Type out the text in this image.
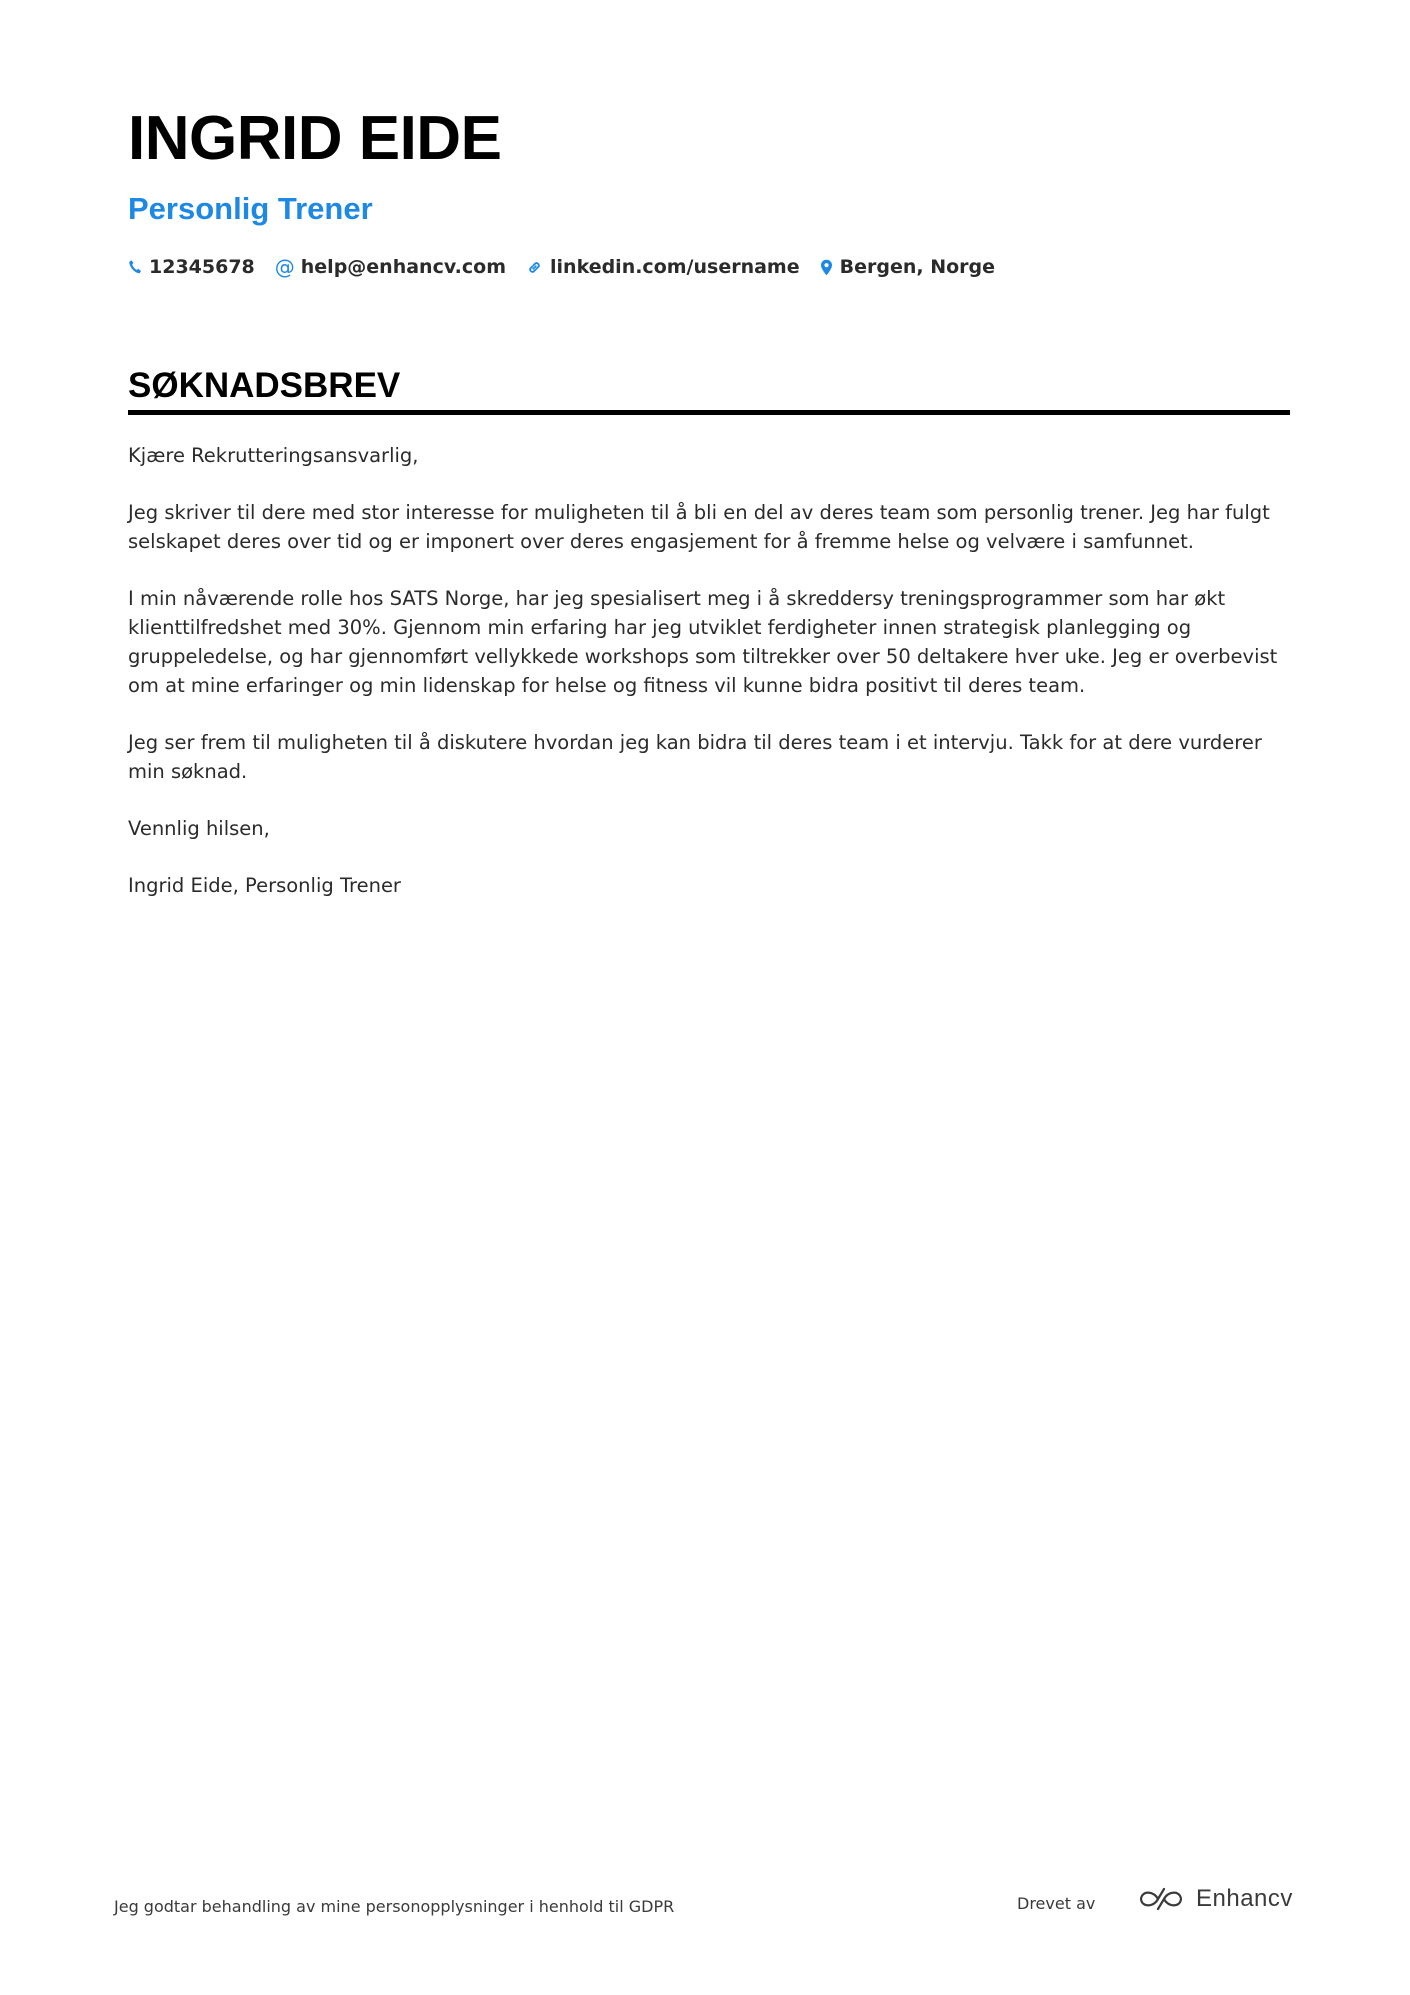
INGRID EIDE
Personlig Trener
12345678 @ help@enhancv.com linkedin.com/username Bergen, Norge
SØKNADSBREV

Kjære Rekrutteringsansvarlig,

Jeg skriver til dere med stor interesse for muligheten til å bli en del av deres team som personlig trener. Jeg har fulgt selskapet deres over tid og er imponert over deres engasjement for å fremme helse og velvære i samfunnet.

I min nåværende rolle hos SATS Norge, har jeg spesialisert meg i å skreddersy treningsprogrammer som har økt klienttilfredshet med 30%. Gjennom min erfaring har jeg utviklet ferdigheter innen strategisk planlegging og gruppeledelse, og har gjennomført vellykkede workshops som tiltrekker over 50 deltakere hver uke. Jeg er overbevist om at mine erfaringer og min lidenskap for helse og fitness vil kunne bidra positivt til deres team.

Jeg ser frem til muligheten til å diskutere hvordan jeg kan bidra til deres team i et intervju. Takk for at dere vurderer min søknad.

Vennlig hilsen,

Ingrid Eide, Personlig Trener

Jeg godtar behandling av mine personopplysninger i henhold til GDPR	Drevet av	Enhancv
